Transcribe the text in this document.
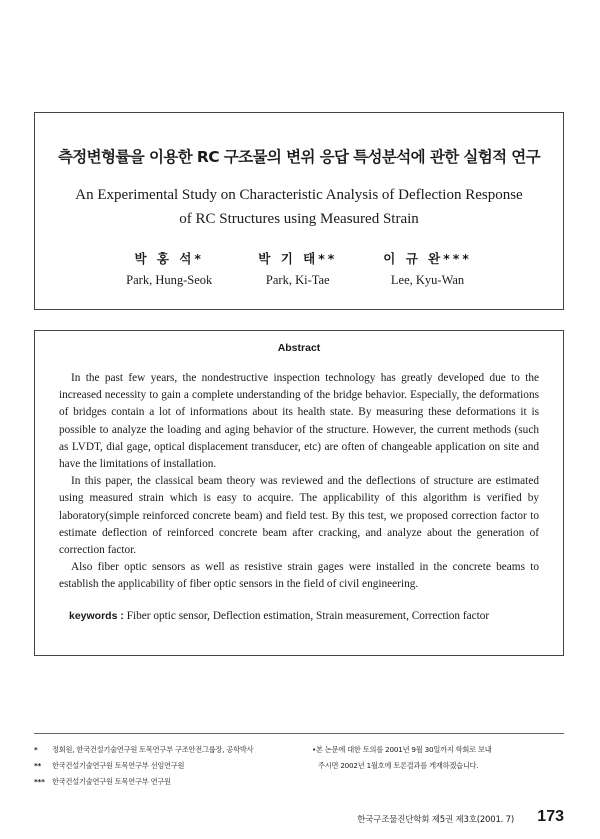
측정변형률을 이용한 RC 구조물의 변위 응답 특성분석에 관한 실험적 연구
An Experimental Study on Characteristic Analysis of Deflection Response
of RC Structures using Measured Strain
박 홍 석*
Park, Hung-Seok
박 기 태**
Park, Ki-Tae
이 규 완***
Lee, Kyu-Wan
Abstract

In the past few years, the nondestructive inspection technology has greatly developed due to the increased necessity to gain a complete understanding of the bridge behavior. Especially, the deformations of bridges contain a lot of informations about its health state. By measuring these deformations it is possible to analyze the loading and aging behavior of the structure. However, the current methods (such as LVDT, dial gage, optical displacement transducer, etc) are often of changeable application on site and have the limitations of installation.

In this paper, the classical beam theory was reviewed and the deflections of structure are estimated using measured strain which is easy to acquire. The applicability of this algorithm is verified by laboratory(simple reinforced concrete beam) and field test. By this test, we proposed correction factor to estimate deflection of reinforced concrete beam after cracking, and analyze about the generation of correction factor.

Also fiber optic sensors as well as resistive strain gages were installed in the concrete beams to establish the applicability of fiber optic sensors in the field of civil engineering.

keywords : Fiber optic sensor, Deflection estimation, Strain measurement, Correction factor
* 정회원, 한국건설기술연구원 토목연구부 구조안전그룹장, 공학박사
** 한국건설기술연구원 토목연구부 선임연구원
*** 한국건설기술연구원 토목연구부 연구원
•본 논문에 대한 토의를 2001년 9월 30일까지 학회로 보내
주시면 2002년 1월호에 토론결과를 게재하겠습니다.
한국구조물진단학회 제5권 제3호(2001. 7) 173
